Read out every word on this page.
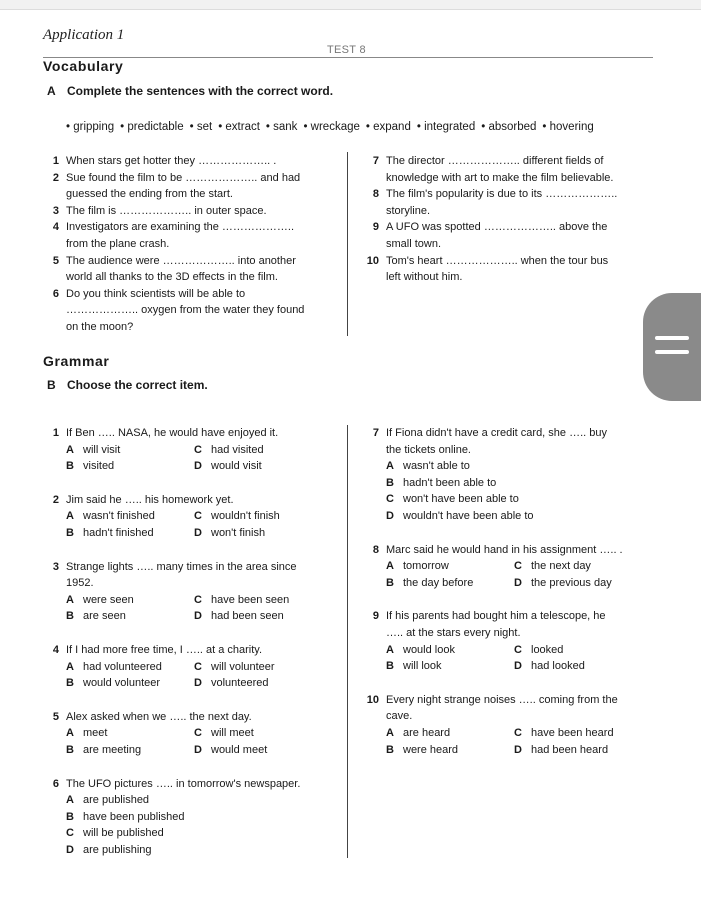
Application 1
TEST 8
Vocabulary
A Complete the sentences with the correct word.
• gripping • predictable • set • extract • sank • wreckage • expand • integrated • absorbed • hovering
1 When stars get hotter they ……………….. .
2 Sue found the film to be ……………….. and had
guessed the ending from the start.
3 The film is ……………….. in outer space.
4 Investigators are examining the ………………..
from the plane crash.
5 The audience were ……………….. into another
world all thanks to the 3D effects in the film.
6 Do you think scientists will be able to
……………….. oxygen from the water they found
on the moon?
7 The director ……………….. different fields of
knowledge with art to make the film believable.
8 The film's popularity is due to its ………………..
storyline.
9 A UFO was spotted ……………….. above the
small town.
10 Tom's heart ……………….. when the tour bus
left without him.
Grammar
B Choose the correct item.
1 If Ben ….. NASA, he would have enjoyed it.
A will visit	C had visited
B visited	D would visit
2 Jim said he ….. his homework yet.
A wasn't finished	C wouldn't finish
B hadn't finished	D won't finish
3 Strange lights ….. many times in the area since
1952.
A were seen	C have been seen
B are seen	D had been seen
4 If I had more free time, I ….. at a charity.
A had volunteered	C will volunteer
B would volunteer	D volunteered
5 Alex asked when we ….. the next day.
A meet	C will meet
B are meeting	D would meet
6 The UFO pictures ….. in tomorrow's newspaper.
A are published
B have been published
C will be published
D are publishing
7 If Fiona didn't have a credit card, she ….. buy
the tickets online.
A wasn't able to
B hadn't been able to
C won't have been able to
D wouldn't have been able to
8 Marc said he would hand in his assignment ….. .
A tomorrow	C the next day
B the day before	D the previous day
9 If his parents had bought him a telescope, he
….. at the stars every night.
A would look	C looked
B will look	D had looked
10 Every night strange noises ….. coming from the
cave.
A are heard	C have been heard
B were heard	D had been heard
